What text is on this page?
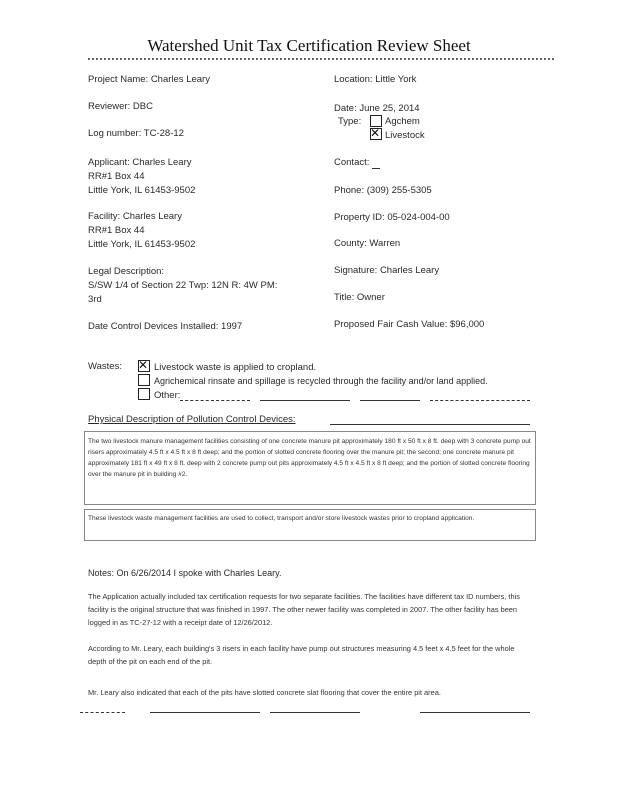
Watershed Unit Tax Certification Review Sheet
Project Name: Charles Leary
Reviewer: DBC
Log number: TC-28-12
Applicant: Charles Leary
RR#1 Box 44
Little York, IL 61453-9502
Facility: Charles Leary
RR#1 Box 44
Little York, IL 61453-9502
Legal Description:
S/SW 1/4 of Section 22 Twp: 12N R: 4W PM:
3rd
Date Control Devices Installed: 1997
Location: Little York
Date: June 25, 2014
Type:	Agchem
✕ Livestock
Contact:
Phone: (309) 255-5305
Property ID: 05-024-004-00
County: Warren
Signature: Charles Leary
Title: Owner
Proposed Fair Cash Value: $96,000
Wastes: ✕ Livestock waste is applied to cropland.
Agrichemical rinsate and spillage is recycled through the facility and/or land applied.
Other:
Physical Description of Pollution Control Devices:
The two livestock manure management facilities consisting of one concrete manure pit approximately 180 ft x 50 ft x 8 ft. deep with 3 concrete pump out risers approximately 4.5 ft x 4.5 ft x 8 ft deep; and the portion of slotted concrete flooring over the manure pit; the second; one concrete manure pit approximately 181 ft x 49 ft x 8 ft. deep with 2 concrete pump out pits approximately 4.5 ft x 4.5 ft x 8 ft deep; and the portion of slotted concrete flooring over the manure pit in building #2.
These livestock waste management facilities are used to collect, transport and/or store livestock wastes prior to cropland application.
Notes: On 6/26/2014 I spoke with Charles Leary.
The Application actually included tax certification requests for two separate facilities. The facilities have different tax ID numbers, this facility is the original structure that was finished in 1997. The other newer facility was completed in 2007. The other facility has been logged in as TC-27-12 with a receipt date of 12/26/2012.
According to Mr. Leary, each building's 3 risers in each facility have pump out structures measuring 4.5 feet x 4.5 feet for the whole depth of the pit on each end of the pit.
Mr. Leary also indicated that each of the pits have slotted concrete slat flooring that cover the entire pit area.
